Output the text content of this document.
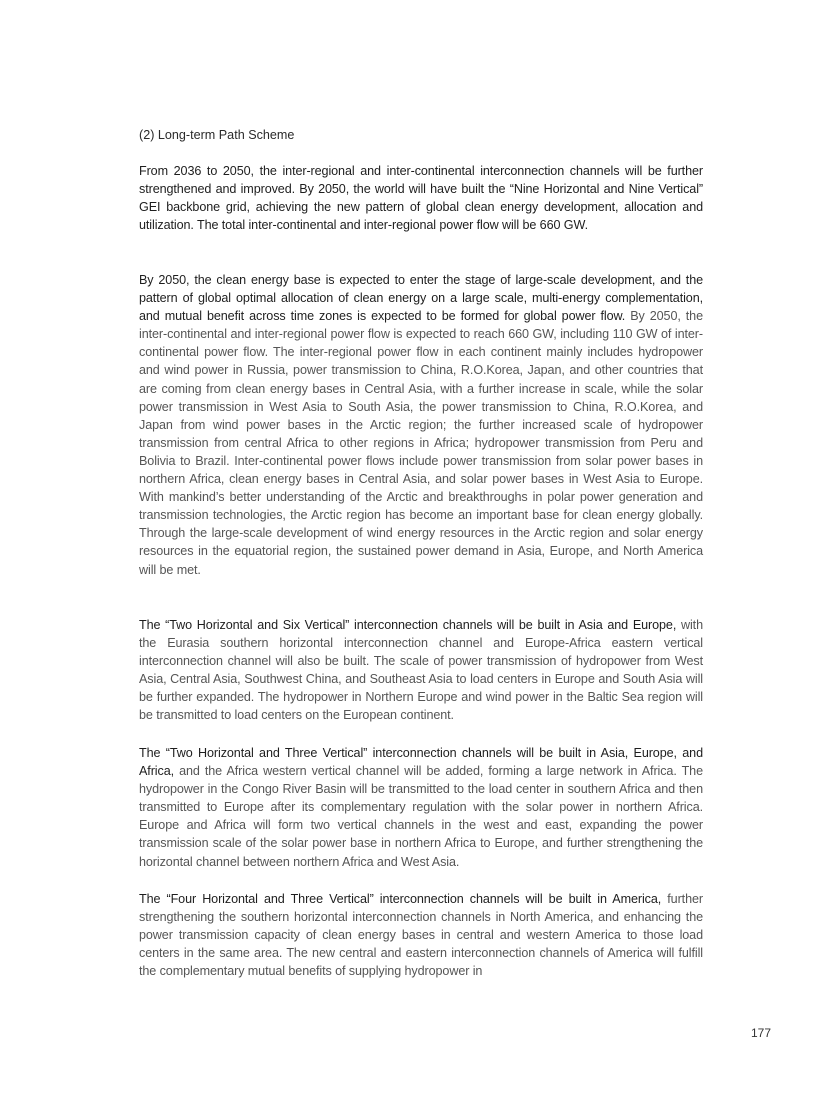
(2) Long-term Path Scheme

From 2036 to 2050, the inter-regional and inter-continental interconnection channels will be further strengthened and improved. By 2050, the world will have built the “Nine Horizontal and Nine Vertical” GEI backbone grid, achieving the new pattern of global clean energy development, allocation and utilization. The total inter-continental and inter-regional power flow will be 660 GW.

By 2050, the clean energy base is expected to enter the stage of large-scale development, and the pattern of global optimal allocation of clean energy on a large scale, multi-energy complementation, and mutual benefit across time zones is expected to be formed for global power flow. By 2050, the inter-continental and inter-regional power flow is expected to reach 660 GW, including 110 GW of inter-continental power flow. The inter-regional power flow in each continent mainly includes hydropower and wind power in Russia, power transmission to China, R.O.Korea, Japan, and other countries that are coming from clean energy bases in Central Asia, with a further increase in scale, while the solar power transmission in West Asia to South Asia, the power transmission to China, R.O.Korea, and Japan from wind power bases in the Arctic region; the further increased scale of hydropower transmission from central Africa to other regions in Africa; hydropower transmission from Peru and Bolivia to Brazil. Inter-continental power flows include power transmission from solar power bases in northern Africa, clean energy bases in Central Asia, and solar power bases in West Asia to Europe. With mankind’s better understanding of the Arctic and breakthroughs in polar power generation and transmission technologies, the Arctic region has become an important base for clean energy globally. Through the large-scale development of wind energy resources in the Arctic region and solar energy resources in the equatorial region, the sustained power demand in Asia, Europe, and North America will be met.

The “Two Horizontal and Six Vertical” interconnection channels will be built in Asia and Europe, with the Eurasia southern horizontal interconnection channel and Europe-Africa eastern vertical interconnection channel will also be built. The scale of power transmission of hydropower from West Asia, Central Asia, Southwest China, and Southeast Asia to load centers in Europe and South Asia will be further expanded. The hydropower in Northern Europe and wind power in the Baltic Sea region will be transmitted to load centers on the European continent.

The “Two Horizontal and Three Vertical” interconnection channels will be built in Asia, Europe, and Africa, and the Africa western vertical channel will be added, forming a large network in Africa. The hydropower in the Congo River Basin will be transmitted to the load center in southern Africa and then transmitted to Europe after its complementary regulation with the solar power in northern Africa. Europe and Africa will form two vertical channels in the west and east, expanding the power transmission scale of the solar power base in northern Africa to Europe, and further strengthening the horizontal channel between northern Africa and West Asia.

The “Four Horizontal and Three Vertical” interconnection channels will be built in America, further strengthening the southern horizontal interconnection channels in North America, and enhancing the power transmission capacity of clean energy bases in central and western America to those load centers in the same area. The new central and eastern interconnection channels of America will fulfill the complementary mutual benefits of supplying hydropower in

177
